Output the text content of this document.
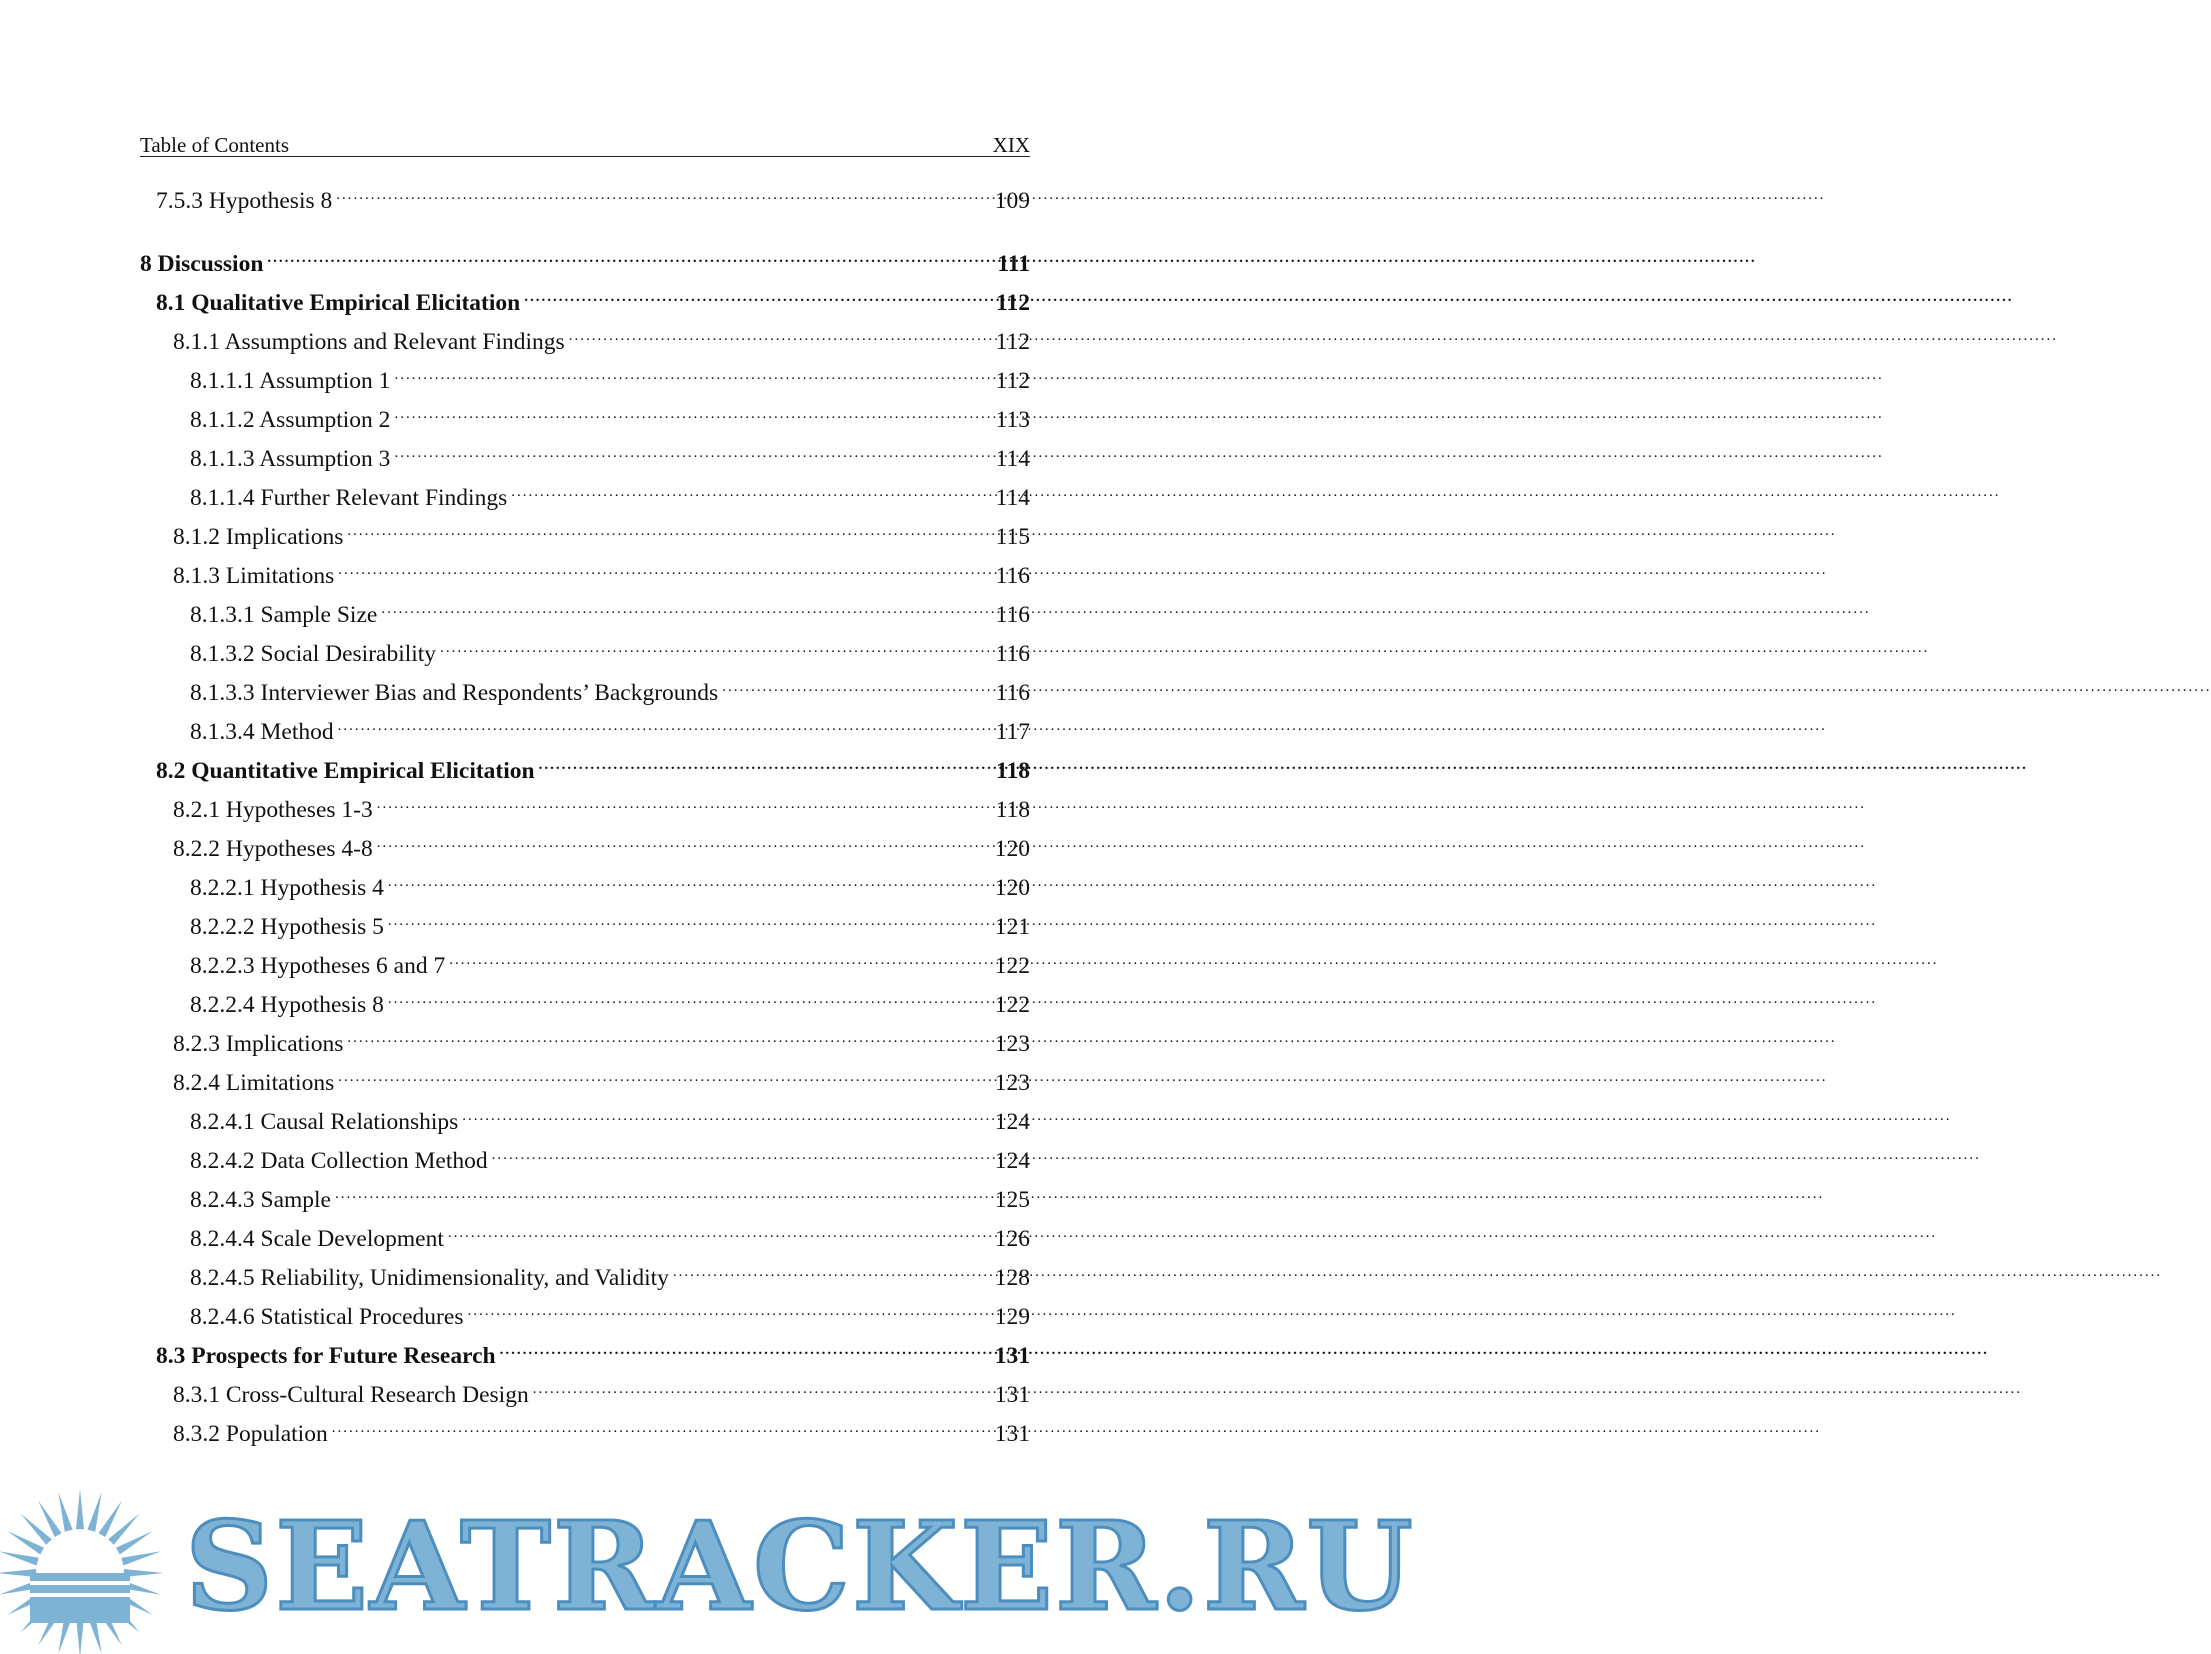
Table of Contents	XIX
7.5.3 Hypothesis 8 .....	109
8 Discussion .....	111
8.1 Qualitative Empirical Elicitation .....	112
8.1.1 Assumptions and Relevant Findings .....	112
8.1.1.1 Assumption 1 .....	112
8.1.1.2 Assumption 2 .....	113
8.1.1.3 Assumption 3 .....	114
8.1.1.4 Further Relevant Findings .....	114
8.1.2 Implications .....	115
8.1.3 Limitations .....	116
8.1.3.1 Sample Size .....	116
8.1.3.2 Social Desirability .....	116
8.1.3.3 Interviewer Bias and Respondents’ Backgrounds .....	116
8.1.3.4 Method .....	117
8.2 Quantitative Empirical Elicitation .....	118
8.2.1 Hypotheses 1-3 .....	118
8.2.2 Hypotheses 4-8 .....	120
8.2.2.1 Hypothesis 4 .....	120
8.2.2.2 Hypothesis 5 .....	121
8.2.2.3 Hypotheses 6 and 7 .....	122
8.2.2.4 Hypothesis 8 .....	122
8.2.3 Implications .....	123
8.2.4 Limitations .....	123
8.2.4.1 Causal Relationships .....	124
8.2.4.2 Data Collection Method .....	124
8.2.4.3 Sample .....	125
8.2.4.4 Scale Development .....	126
8.2.4.5 Reliability, Unidimensionality, and Validity .....	128
8.2.4.6 Statistical Procedures .....	129
8.3 Prospects for Future Research .....	131
8.3.1 Cross-Cultural Research Design .....	131
8.3.2 Population .....	131
SEATRACKER.RU
